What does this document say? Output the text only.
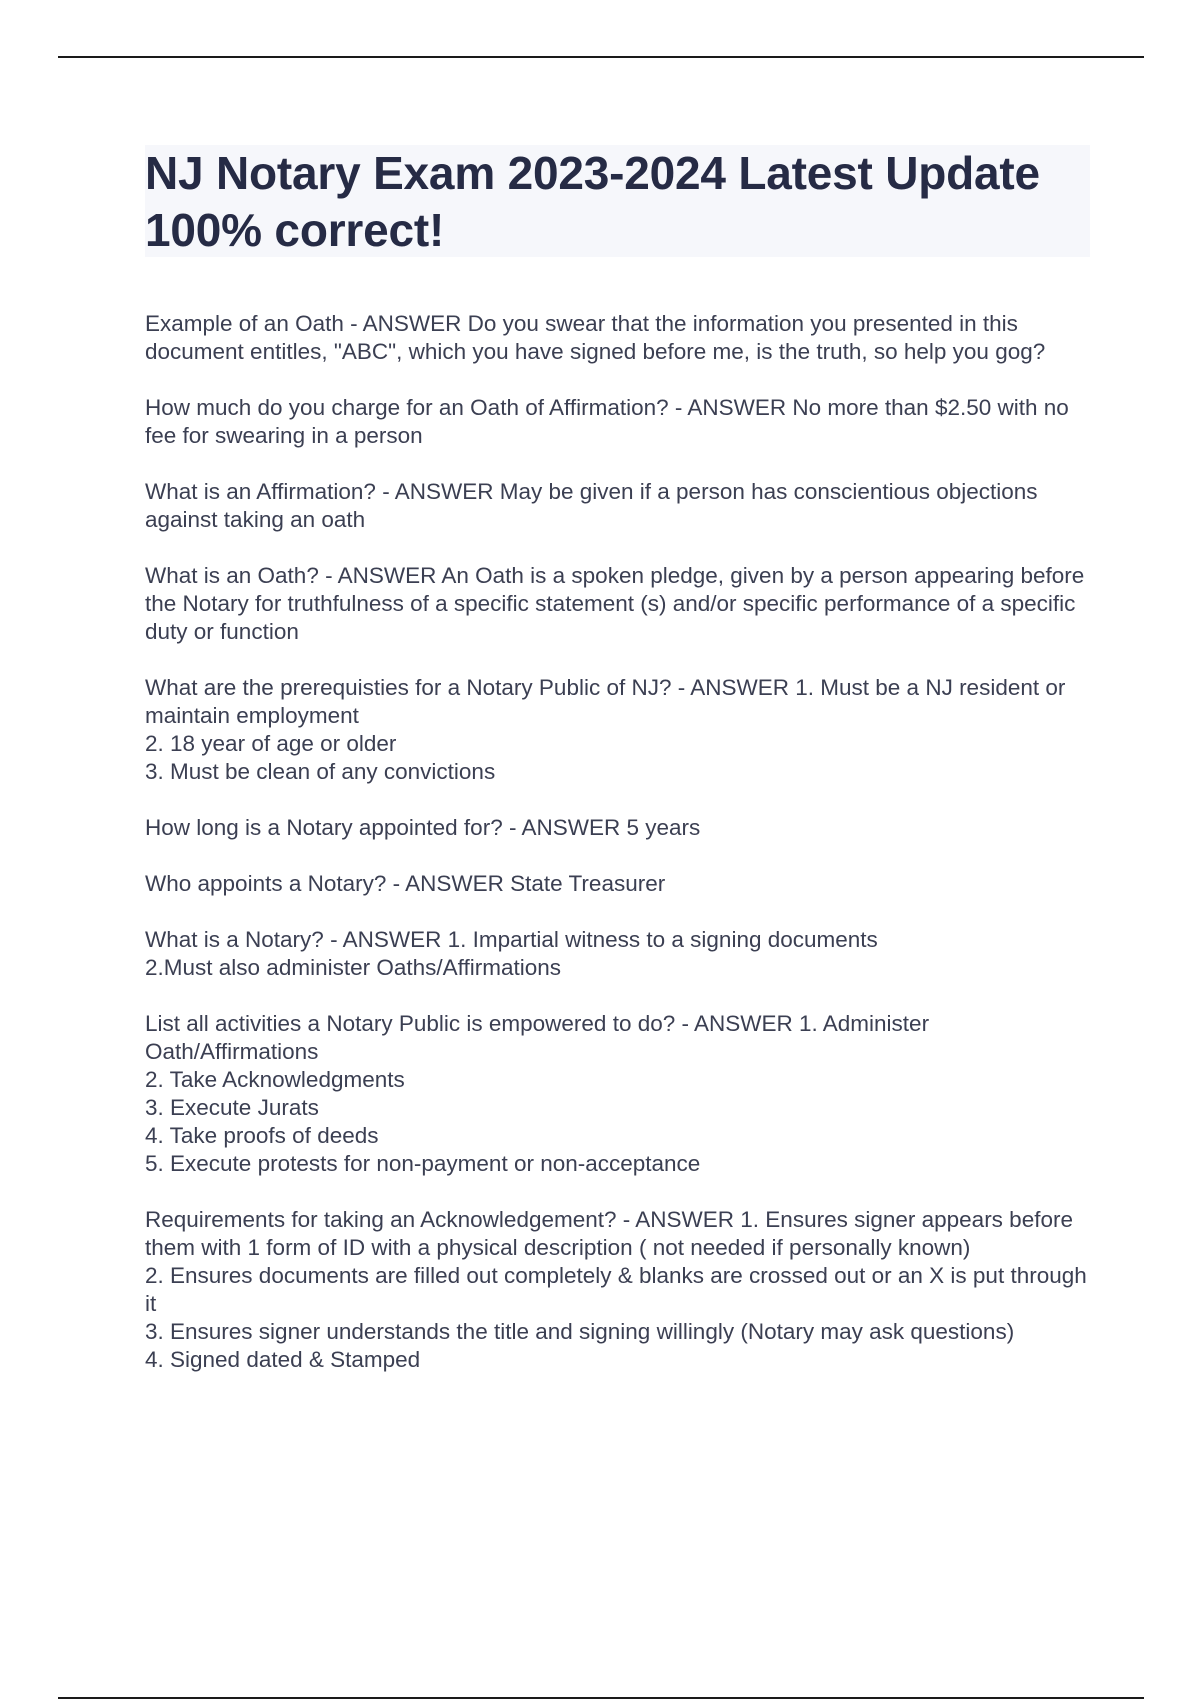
NJ Notary Exam 2023-2024 Latest Update 100% correct!

Example of an Oath - ANSWER Do you swear that the information you presented in this document entitles, "ABC", which you have signed before me, is the truth, so help you gog?

How much do you charge for an Oath of Affirmation? - ANSWER No more than $2.50 with no fee for swearing in a person

What is an Affirmation? - ANSWER May be given if a person has conscientious objections against taking an oath

What is an Oath? - ANSWER An Oath is a spoken pledge, given by a person appearing before the Notary for truthfulness of a specific statement (s) and/or specific performance of a specific duty or function

What are the prerequisties for a Notary Public of NJ? - ANSWER 1. Must be a NJ resident or maintain employment
2. 18 year of age or older
3. Must be clean of any convictions

How long is a Notary appointed for? - ANSWER 5 years

Who appoints a Notary? - ANSWER State Treasurer

What is a Notary? - ANSWER 1. Impartial witness to a signing documents
2.Must also administer Oaths/Affirmations

List all activities a Notary Public is empowered to do? - ANSWER 1. Administer Oath/Affirmations
2. Take Acknowledgments
3. Execute Jurats
4. Take proofs of deeds
5. Execute protests for non-payment or non-acceptance

Requirements for taking an Acknowledgement? - ANSWER 1. Ensures signer appears before them with 1 form of ID with a physical description ( not needed if personally known)
2. Ensures documents are filled out completely & blanks are crossed out or an X is put through it
3. Ensures signer understands the title and signing willingly (Notary may ask questions)
4. Signed dated & Stamped
